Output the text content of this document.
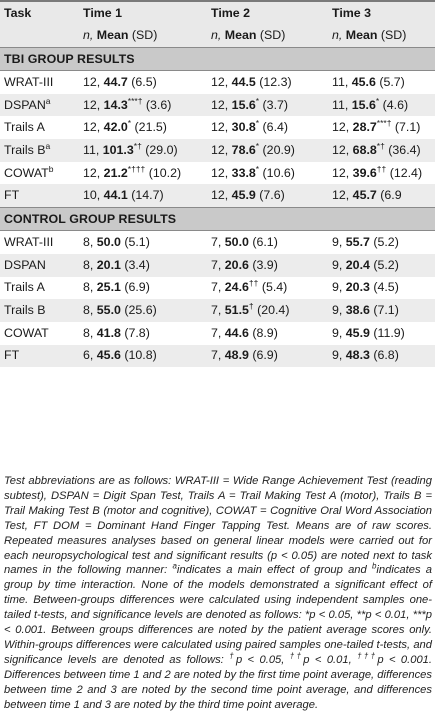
Task	Time 1	Time 2	Time 3
	n, Mean (SD)	n, Mean (SD)	n, Mean (SD)
TBI GROUP RESULTS			
WRAT-III	12, 44.7 (6.5)	12, 44.5 (12.3)	11, 45.6 (5.7)
DSPAN$^a$	12, 14.3***† (3.6)	12, 15.6* (3.7)	11, 15.6* (4.6)
Trails A	12, 42.0* (21.5)	12, 30.8* (6.4)	12, 28.7***† (7.1)
Trails $B^a$	11, 101.3*† (29.0)	12, 78.6* (20.9)	12, 68.8*† (36.4)
COWAT$^b$	12, 21.2*††† (10.2)	12, 33.8* (10.6)	12, 39.6†† (12.4)
FT	10, 44.1 (14.7)	12, 45.9 (7.6)	12, 45.7 (6.9
CONTROL GROUP RESULTS			
WRAT-III	8, 50.0 (5.1)	7, 50.0 (6.1)	9, 55.7 (5.2)
DSPAN	8, 20.1 (3.4)	7, 20.6 (3.9)	9, 20.4 (5.2)
Trails A	8, 25.1 (6.9)	7, 24.6†† (5.4)	9, 20.3 (4.5)
Trails B	8, 55.0 (25.6)	7, 51.5† (20.4)	9, 38.6 (7.1)
COWAT	8, 41.8 (7.8)	7, 44.6 (8.9)	9, 45.9 (11.9)
FT	6, 45.6 (10.8)	7, 48.9 (6.9)	9, 48.3 (6.8)

Test abbreviations are as follows: WRAT-III = Wide Range Achievement Test (reading subtest), DSPAN = Digit Span Test, Trails A = Trail Making Test A (motor), Trails B = Trail Making Test B (motor and cognitive), COWAT = Cognitive Oral Word Association Test, FT DOM = Dominant Hand Finger Tapping Test. Means are of raw scores. Repeated measures analyses based on general linear models were carried out for each neuropsychological test and significant results (p < 0.05) are noted next to task names in the following manner: $^a$indicates a main effect of group and $^b$indicates a group by time interaction. None of the models demonstrated a significant effect of time. Between-groups differences were calculated using independent samples one-tailed t-tests, and significance levels are denoted as follows: *p < 0.05, **p < 0.01, ***p < 0.001. Between groups differences are noted by the patient average scores only. Within-groups differences were calculated using paired samples one-tailed t-tests, and significance levels are denoted as follows: †p < 0.05, ††p < 0.01, †††p < 0.001. Differences between time 1 and 2 are noted by the first time point average, differences between time 2 and 3 are noted by the second time point average, and differences between time 1 and 3 are noted by the third time point average.
